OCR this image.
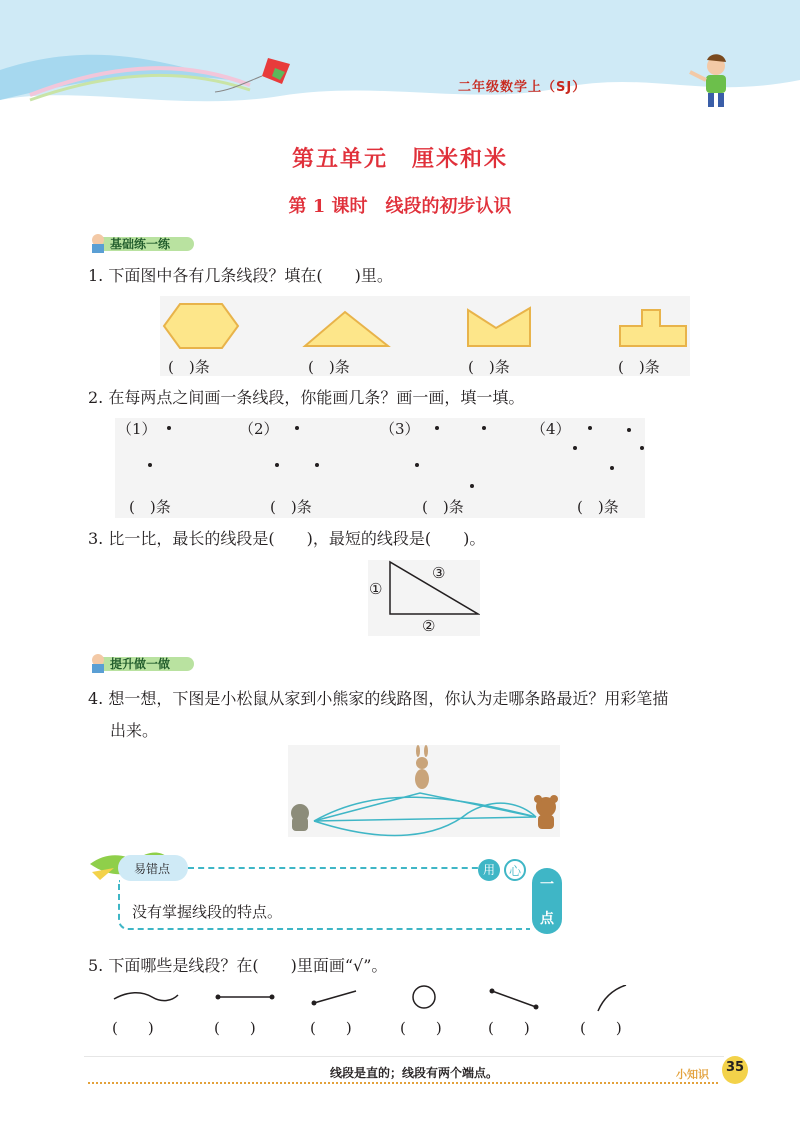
二年级数学上（SJ）
第五单元　厘米和米
第 1 课时　线段的初步认识
基础练一练
1. 下面图中各有几条线段？填在(　　)里。
(　)条	(　)条	(　)条	(　)条
2. 在每两点之间画一条线段，你能画几条？画一画，填一填。
（1）	（2）	（3）	（4）
(　)条	(　)条	(　)条	(　)条
3. 比一比，最长的线段是(　　)，最短的线段是(　　)。
①
②
③
提升做一做
4. 想一想，下图是小松鼠从家到小熊家的线路图，你认为走哪条路最近？用彩笔描
出来。
易错点
没有掌握线段的特点。
用	心
一
点
5. 下面哪些是线段？在(　　)里面画“√”。
(　　)	(　　)	(　　)	(　　)	(　　)	(　　)
线段是直的；线段有两个端点。	小知识 35
